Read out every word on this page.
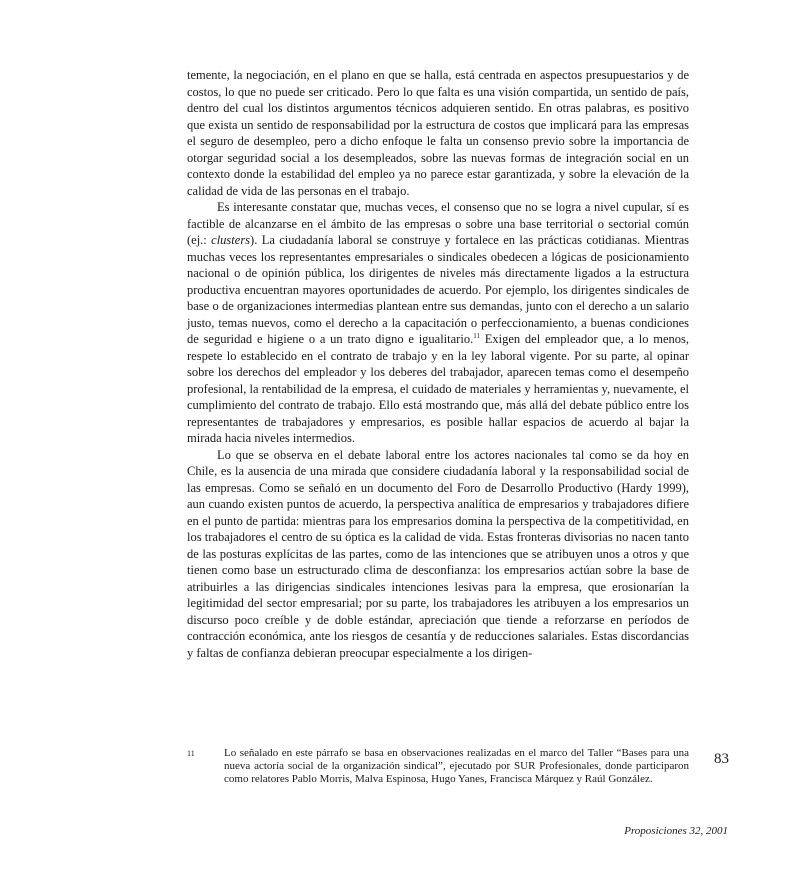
temente, la negociación, en el plano en que se halla, está centrada en aspectos presupuestarios y de costos, lo que no puede ser criticado. Pero lo que falta es una visión compartida, un sentido de país, dentro del cual los distintos argumentos técnicos adquieren sentido. En otras palabras, es positivo que exista un sentido de responsabilidad por la estructura de costos que implicará para las empresas el seguro de desempleo, pero a dicho enfoque le falta un consenso previo sobre la importancia de otorgar seguridad social a los desempleados, sobre las nuevas formas de integración social en un contexto donde la estabilidad del empleo ya no parece estar garantizada, y sobre la elevación de la calidad de vida de las personas en el trabajo.

Es interesante constatar que, muchas veces, el consenso que no se logra a nivel cupular, sí es factible de alcanzarse en el ámbito de las empresas o sobre una base territorial o sectorial común (ej.: clusters). La ciudadanía laboral se construye y fortalece en las prácticas cotidianas. Mientras muchas veces los representantes empresariales o sindicales obedecen a lógicas de posicionamiento nacional o de opinión pública, los dirigentes de niveles más directamente ligados a la estructura productiva encuentran mayores oportunidades de acuerdo. Por ejemplo, los dirigentes sindicales de base o de organizaciones intermedias plantean entre sus demandas, junto con el derecho a un salario justo, temas nuevos, como el derecho a la capacitación o perfeccionamiento, a buenas condiciones de seguridad e higiene o a un trato digno e igualitario.$^{11}$ Exigen del empleador que, a lo menos, respete lo establecido en el contrato de trabajo y en la ley laboral vigente. Por su parte, al opinar sobre los derechos del empleador y los deberes del trabajador, aparecen temas como el desempeño profesional, la rentabilidad de la empresa, el cuidado de materiales y herramientas y, nuevamente, el cumplimiento del contrato de trabajo. Ello está mostrando que, más allá del debate público entre los representantes de trabajadores y empresarios, es posible hallar espacios de acuerdo al bajar la mirada hacia niveles intermedios.

Lo que se observa en el debate laboral entre los actores nacionales tal como se da hoy en Chile, es la ausencia de una mirada que considere ciudadanía laboral y la responsabilidad social de las empresas. Como se señaló en un documento del Foro de Desarrollo Productivo (Hardy 1999), aun cuando existen puntos de acuerdo, la perspectiva analítica de empresarios y trabajadores difiere en el punto de partida: mientras para los empresarios domina la perspectiva de la competitividad, en los trabajadores el centro de su óptica es la calidad de vida. Estas fronteras divisorias no nacen tanto de las posturas explícitas de las partes, como de las intenciones que se atribuyen unos a otros y que tienen como base un estructurado clima de desconfianza: los empresarios actúan sobre la base de atribuirles a las dirigencias sindicales intenciones lesivas para la empresa, que erosionarían la legitimidad del sector empresarial; por su parte, los trabajadores les atribuyen a los empresarios un discurso poco creíble y de doble estándar, apreciación que tiende a reforzarse en períodos de contracción económica, ante los riesgos de cesantía y de reducciones salariales. Estas discordancias y faltas de confianza debieran preocupar especialmente a los dirigen-

11	Lo señalado en este párrafo se basa en observaciones realizadas en el marco del Taller “Bases para una nueva actoría social de la organización sindical”, ejecutado por SUR Profesionales, donde participaron como relatores Pablo Morris, Malva Espinosa, Hugo Yanes, Francisca Márquez y Raúl González.
83
Proposiciones 32, 2001
